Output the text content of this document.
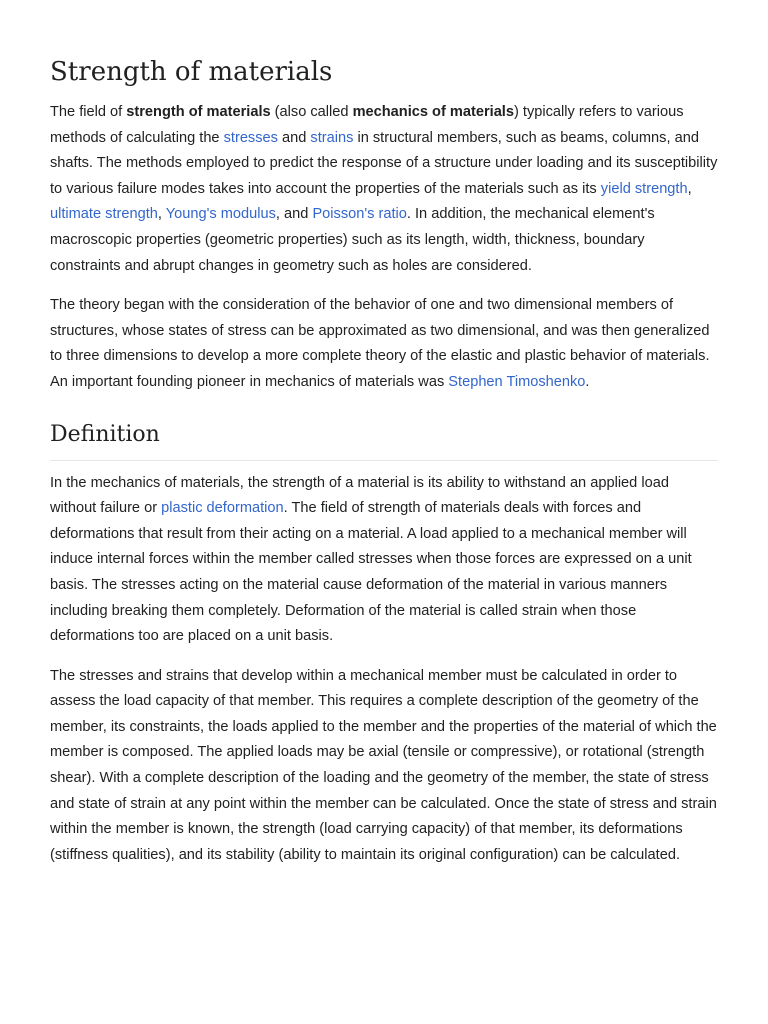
Strength of materials

The field of strength of materials (also called mechanics of materials) typically refers to various methods of calculating the stresses and strains in structural members, such as beams, columns, and shafts. The methods employed to predict the response of a structure under loading and its susceptibility to various failure modes takes into account the properties of the materials such as its yield strength, ultimate strength, Young's modulus, and Poisson's ratio. In addition, the mechanical element's macroscopic properties (geometric properties) such as its length, width, thickness, boundary constraints and abrupt changes in geometry such as holes are considered.

The theory began with the consideration of the behavior of one and two dimensional members of structures, whose states of stress can be approximated as two dimensional, and was then generalized to three dimensions to develop a more complete theory of the elastic and plastic behavior of materials. An important founding pioneer in mechanics of materials was Stephen Timoshenko.

Definition

In the mechanics of materials, the strength of a material is its ability to withstand an applied load without failure or plastic deformation. The field of strength of materials deals with forces and deformations that result from their acting on a material. A load applied to a mechanical member will induce internal forces within the member called stresses when those forces are expressed on a unit basis. The stresses acting on the material cause deformation of the material in various manners including breaking them completely. Deformation of the material is called strain when those deformations too are placed on a unit basis.

The stresses and strains that develop within a mechanical member must be calculated in order to assess the load capacity of that member. This requires a complete description of the geometry of the member, its constraints, the loads applied to the member and the properties of the material of which the member is composed. The applied loads may be axial (tensile or compressive), or rotational (strength shear). With a complete description of the loading and the geometry of the member, the state of stress and state of strain at any point within the member can be calculated. Once the state of stress and strain within the member is known, the strength (load carrying capacity) of that member, its deformations (stiffness qualities), and its stability (ability to maintain its original configuration) can be calculated.
